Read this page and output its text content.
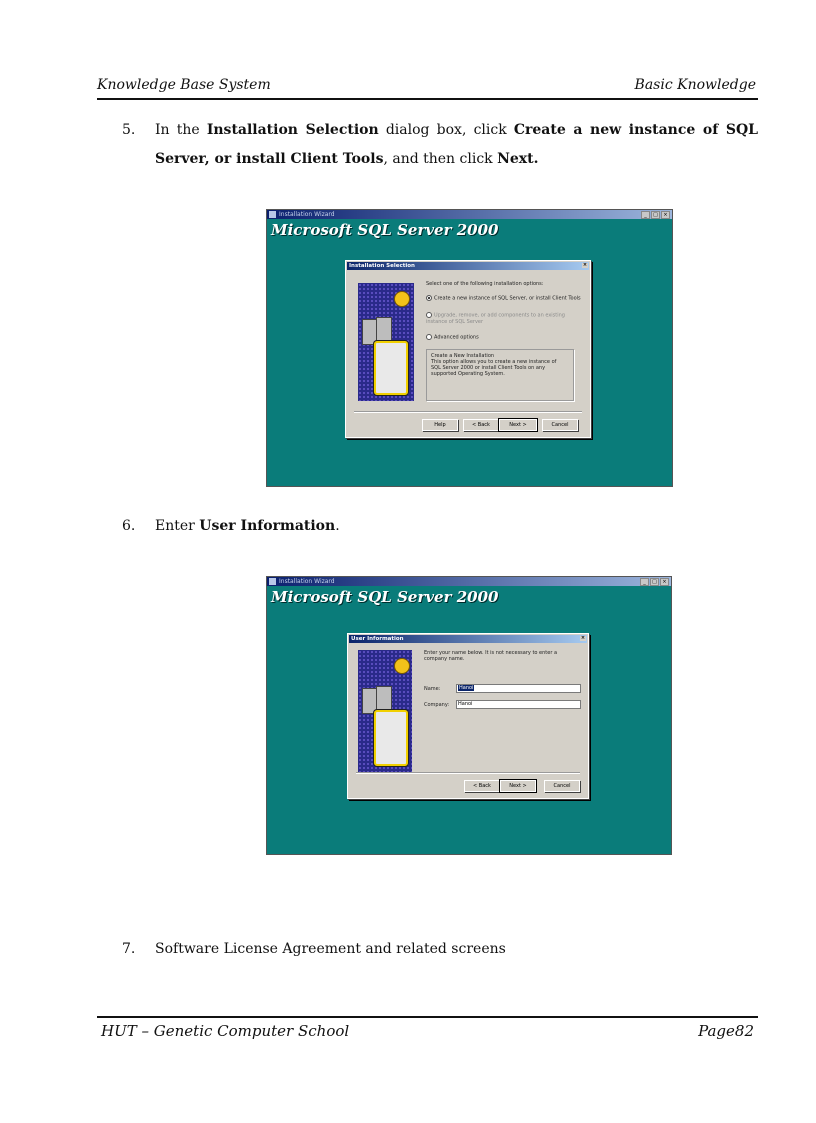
Knowledge Base System	Basic Knowledge
5. In the Installation Selection dialog box, click Create a new instance of SQL Server, or install Client Tools, and then click Next.
Installation Wizard	_ □ ×
Microsoft SQL Server 2000
Installation Selection	×
Select one of the following installation options:
Create a new instance of SQL Server, or install Client Tools
Upgrade, remove, or add components to an existing instance of SQL Server
Advanced options
Create a New Installation
This option allows you to create a new instance of SQL Server 2000 or install Client Tools on any supported Operating System.
Help	< Back	Next >	Cancel
6. Enter User Information.
Installation Wizard	_ □ ×
Microsoft SQL Server 2000
User Information	×
Enter your name below. It is not necessary to enter a company name.
Name:	Hanoi
Company:	Hanoi
< Back	Next >	Cancel
7. Software License Agreement and related screens
HUT – Genetic Computer School	Page82
